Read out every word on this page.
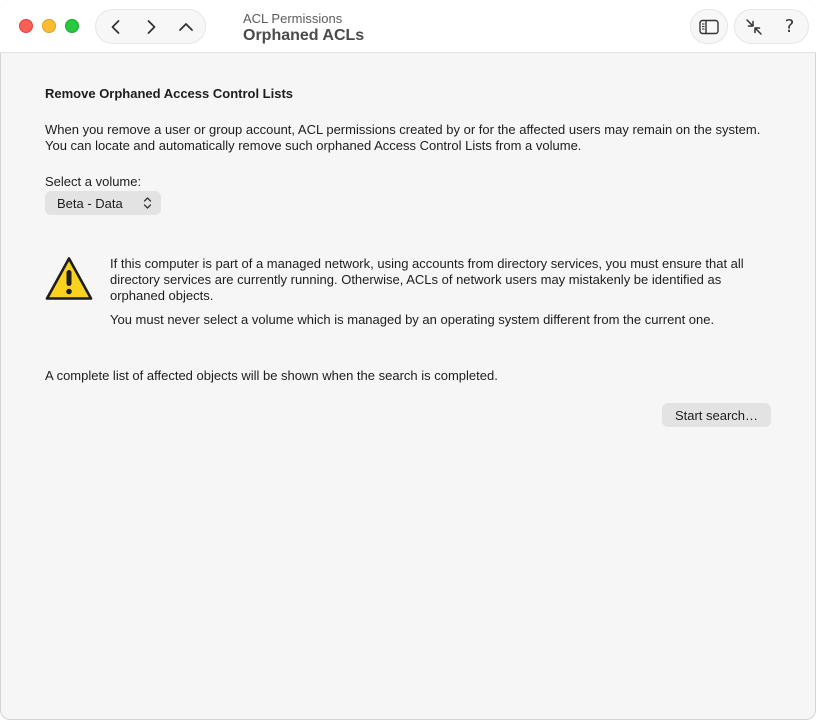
ACL Permissions
Orphaned ACLs	?
Remove Orphaned Access Control Lists
When you remove a user or group account, ACL permissions created by or for the affected users may remain on the system. You can locate and automatically remove such orphaned Access Control Lists from a volume.
Select a volume:
Beta - Data
If this computer is part of a managed network, using accounts from directory services, you must ensure that all directory services are currently running. Otherwise, ACLs of network users may mistakenly be identified as orphaned objects.
You must never select a volume which is managed by an operating system different from the current one.
A complete list of affected objects will be shown when the search is completed.
Start search…
